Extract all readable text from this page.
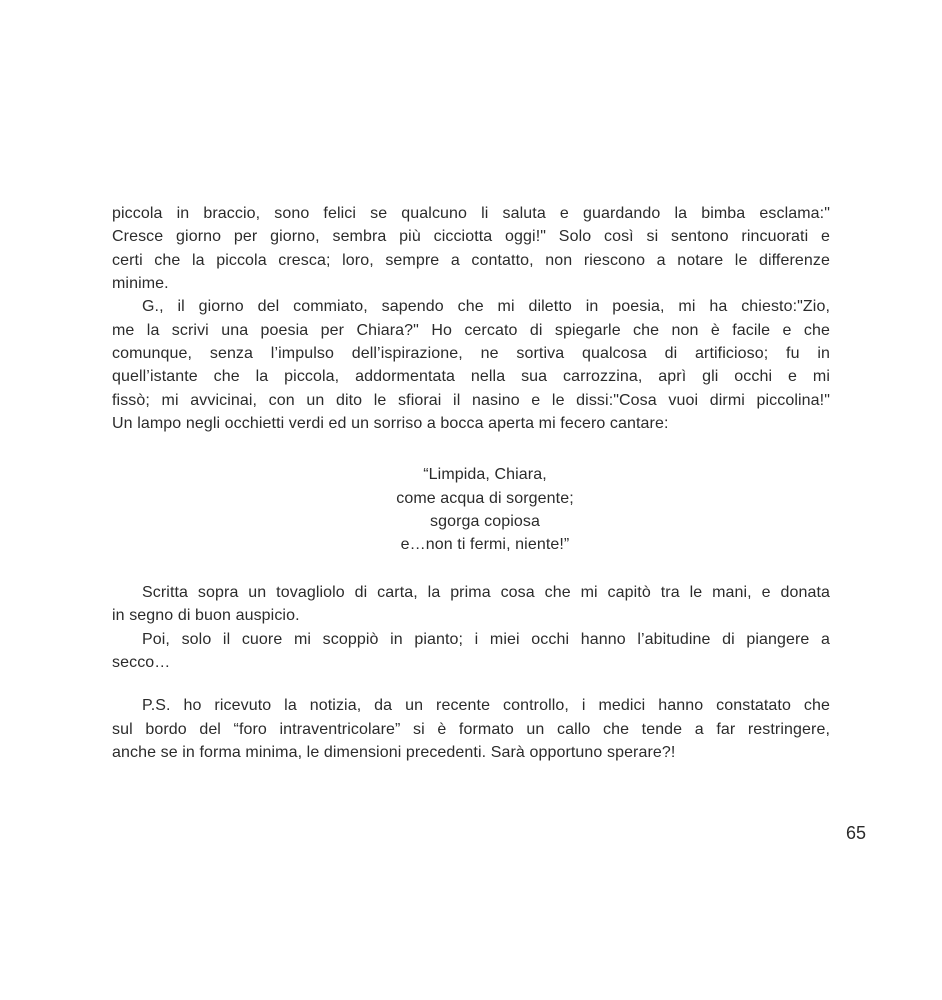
piccola in braccio, sono felici se qualcuno li saluta e guardando la bimba esclama:"
Cresce giorno per giorno, sembra più cicciotta oggi!" Solo così si sentono rincuorati e
certi che la piccola cresca; loro, sempre a contatto, non riescono a notare le differenze
minime.
G., il giorno del commiato, sapendo che mi diletto in poesia, mi ha chiesto:"Zio,
me la scrivi una poesia per Chiara?" Ho cercato di spiegarle che non è facile e che
comunque, senza l’impulso dell’ispirazione, ne sortiva qualcosa di artificioso; fu in
quell’istante che la piccola, addormentata nella sua carrozzina, aprì gli occhi e mi
fissò; mi avvicinai, con un dito le sfiorai il nasino e le dissi:"Cosa vuoi dirmi piccolina!"
Un lampo negli occhietti verdi ed un sorriso a bocca aperta mi fecero cantare:
“Limpida, Chiara,
come acqua di sorgente;
sgorga copiosa
e…non ti fermi, niente!”
Scritta sopra un tovagliolo di carta, la prima cosa che mi capitò tra le mani, e donata
in segno di buon auspicio.
Poi, solo il cuore mi scoppiò in pianto; i miei occhi hanno l’abitudine di piangere a
secco…
P.S. ho ricevuto la notizia, da un recente controllo, i medici hanno constatato che
sul bordo del “foro intraventricolare” si è formato un callo che tende a far restringere,
anche se in forma minima, le dimensioni precedenti. Sarà opportuno sperare?!
65
